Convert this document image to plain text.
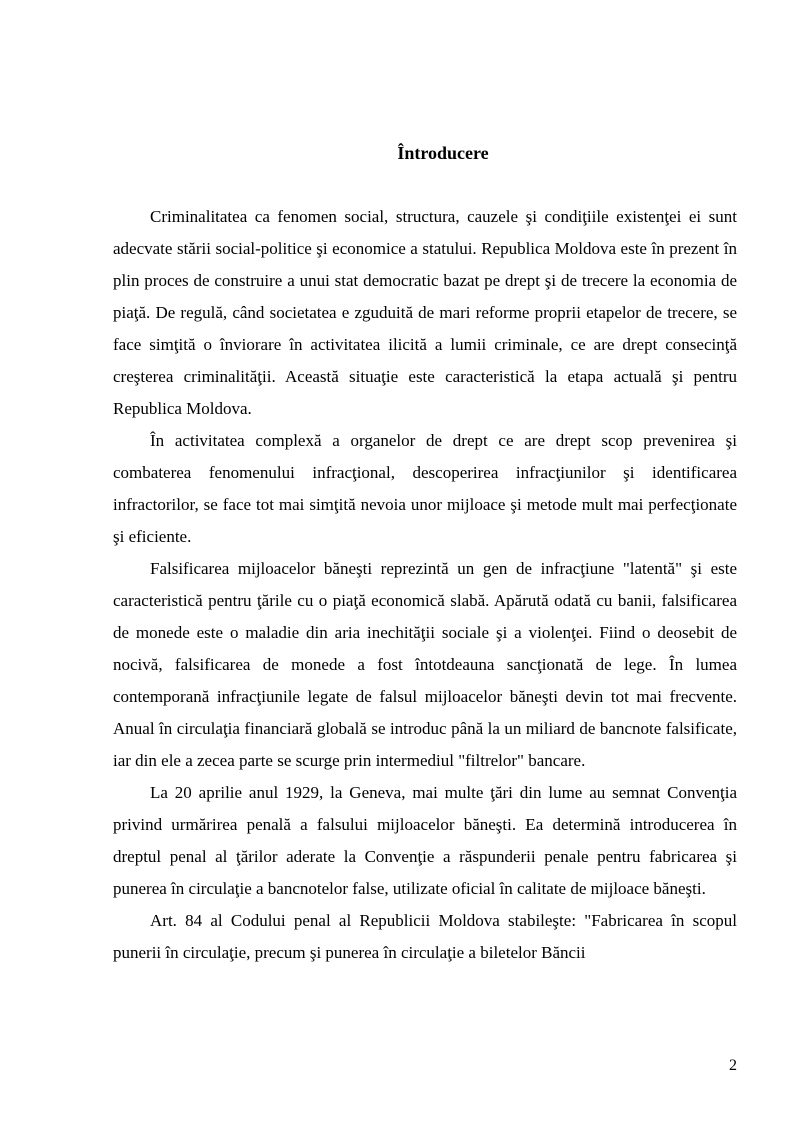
Întroducere

Criminalitatea ca fenomen social, structura, cauzele şi condiţiile existenţei ei sunt adecvate stării social-politice şi economice a statului. Republica Moldova este în prezent în plin proces de construire a unui stat democratic bazat pe drept şi de trecere la economia de piaţă. De regulă, când societatea e zguduită de mari reforme proprii etapelor de trecere, se face simţită o înviorare în activitatea ilicită a lumii criminale, ce are drept consecinţă creşterea criminalităţii. Această situaţie este caracteristică la etapa actuală şi pentru Republica Moldova.

În activitatea complexă a organelor de drept ce are drept scop prevenirea şi combaterea fenomenului infracţional, descoperirea infracţiunilor şi identificarea infractorilor, se face tot mai simţită nevoia unor mijloace şi metode mult mai perfecţionate şi eficiente.

Falsificarea mijloacelor băneşti reprezintă un gen de infracţiune "latentă" şi este caracteristică pentru ţările cu o piaţă economică slabă. Apărută odată cu banii, falsificarea de monede este o maladie din aria inechităţii sociale şi a violenţei. Fiind o deosebit de nocivă, falsificarea de monede a fost întotdeauna sancţionată de lege. În lumea contemporană infracţiunile legate de falsul mijloacelor băneşti devin tot mai frecvente. Anual în circulaţia financiară globală se introduc până la un miliard de bancnote falsificate, iar din ele a zecea parte se scurge prin intermediul "filtrelor" bancare.

La 20 aprilie anul 1929, la Geneva, mai multe ţări din lume au semnat Convenţia privind urmărirea penală a falsului mijloacelor băneşti. Ea determină introducerea în dreptul penal al ţărilor aderate la Convenţie a răspunderii penale pentru fabricarea şi punerea în circulaţie a bancnotelor false, utilizate oficial în calitate de mijloace băneşti.

Art. 84 al Codului penal al Republicii Moldova stabileşte: "Fabricarea în scopul punerii în circulaţie, precum şi punerea în circulaţie a biletelor Băncii

2
